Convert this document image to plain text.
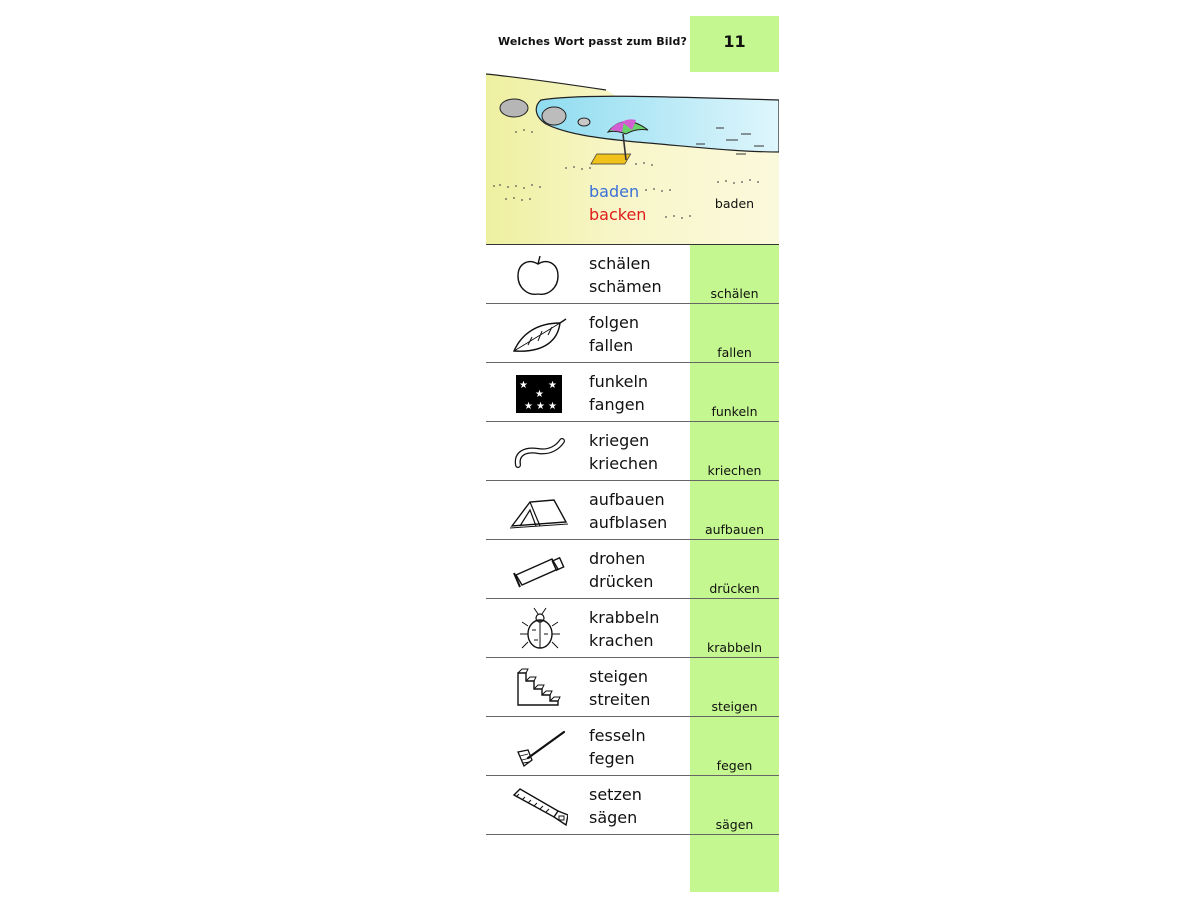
Welches Wort passt zum Bild?	11
baden
backen
baden
schälen
schämen	schälen
folgen
fallen	fallen
★ ★
★
★ ★ ★
funkeln
fangen	funkeln
kriegen
kriechen	kriechen
aufbauen
aufblasen	aufbauen
drohen
drücken	drücken
krabbeln
krachen	krabbeln
steigen
streiten	steigen
fesseln
fegen	fegen
setzen
sägen	sägen
